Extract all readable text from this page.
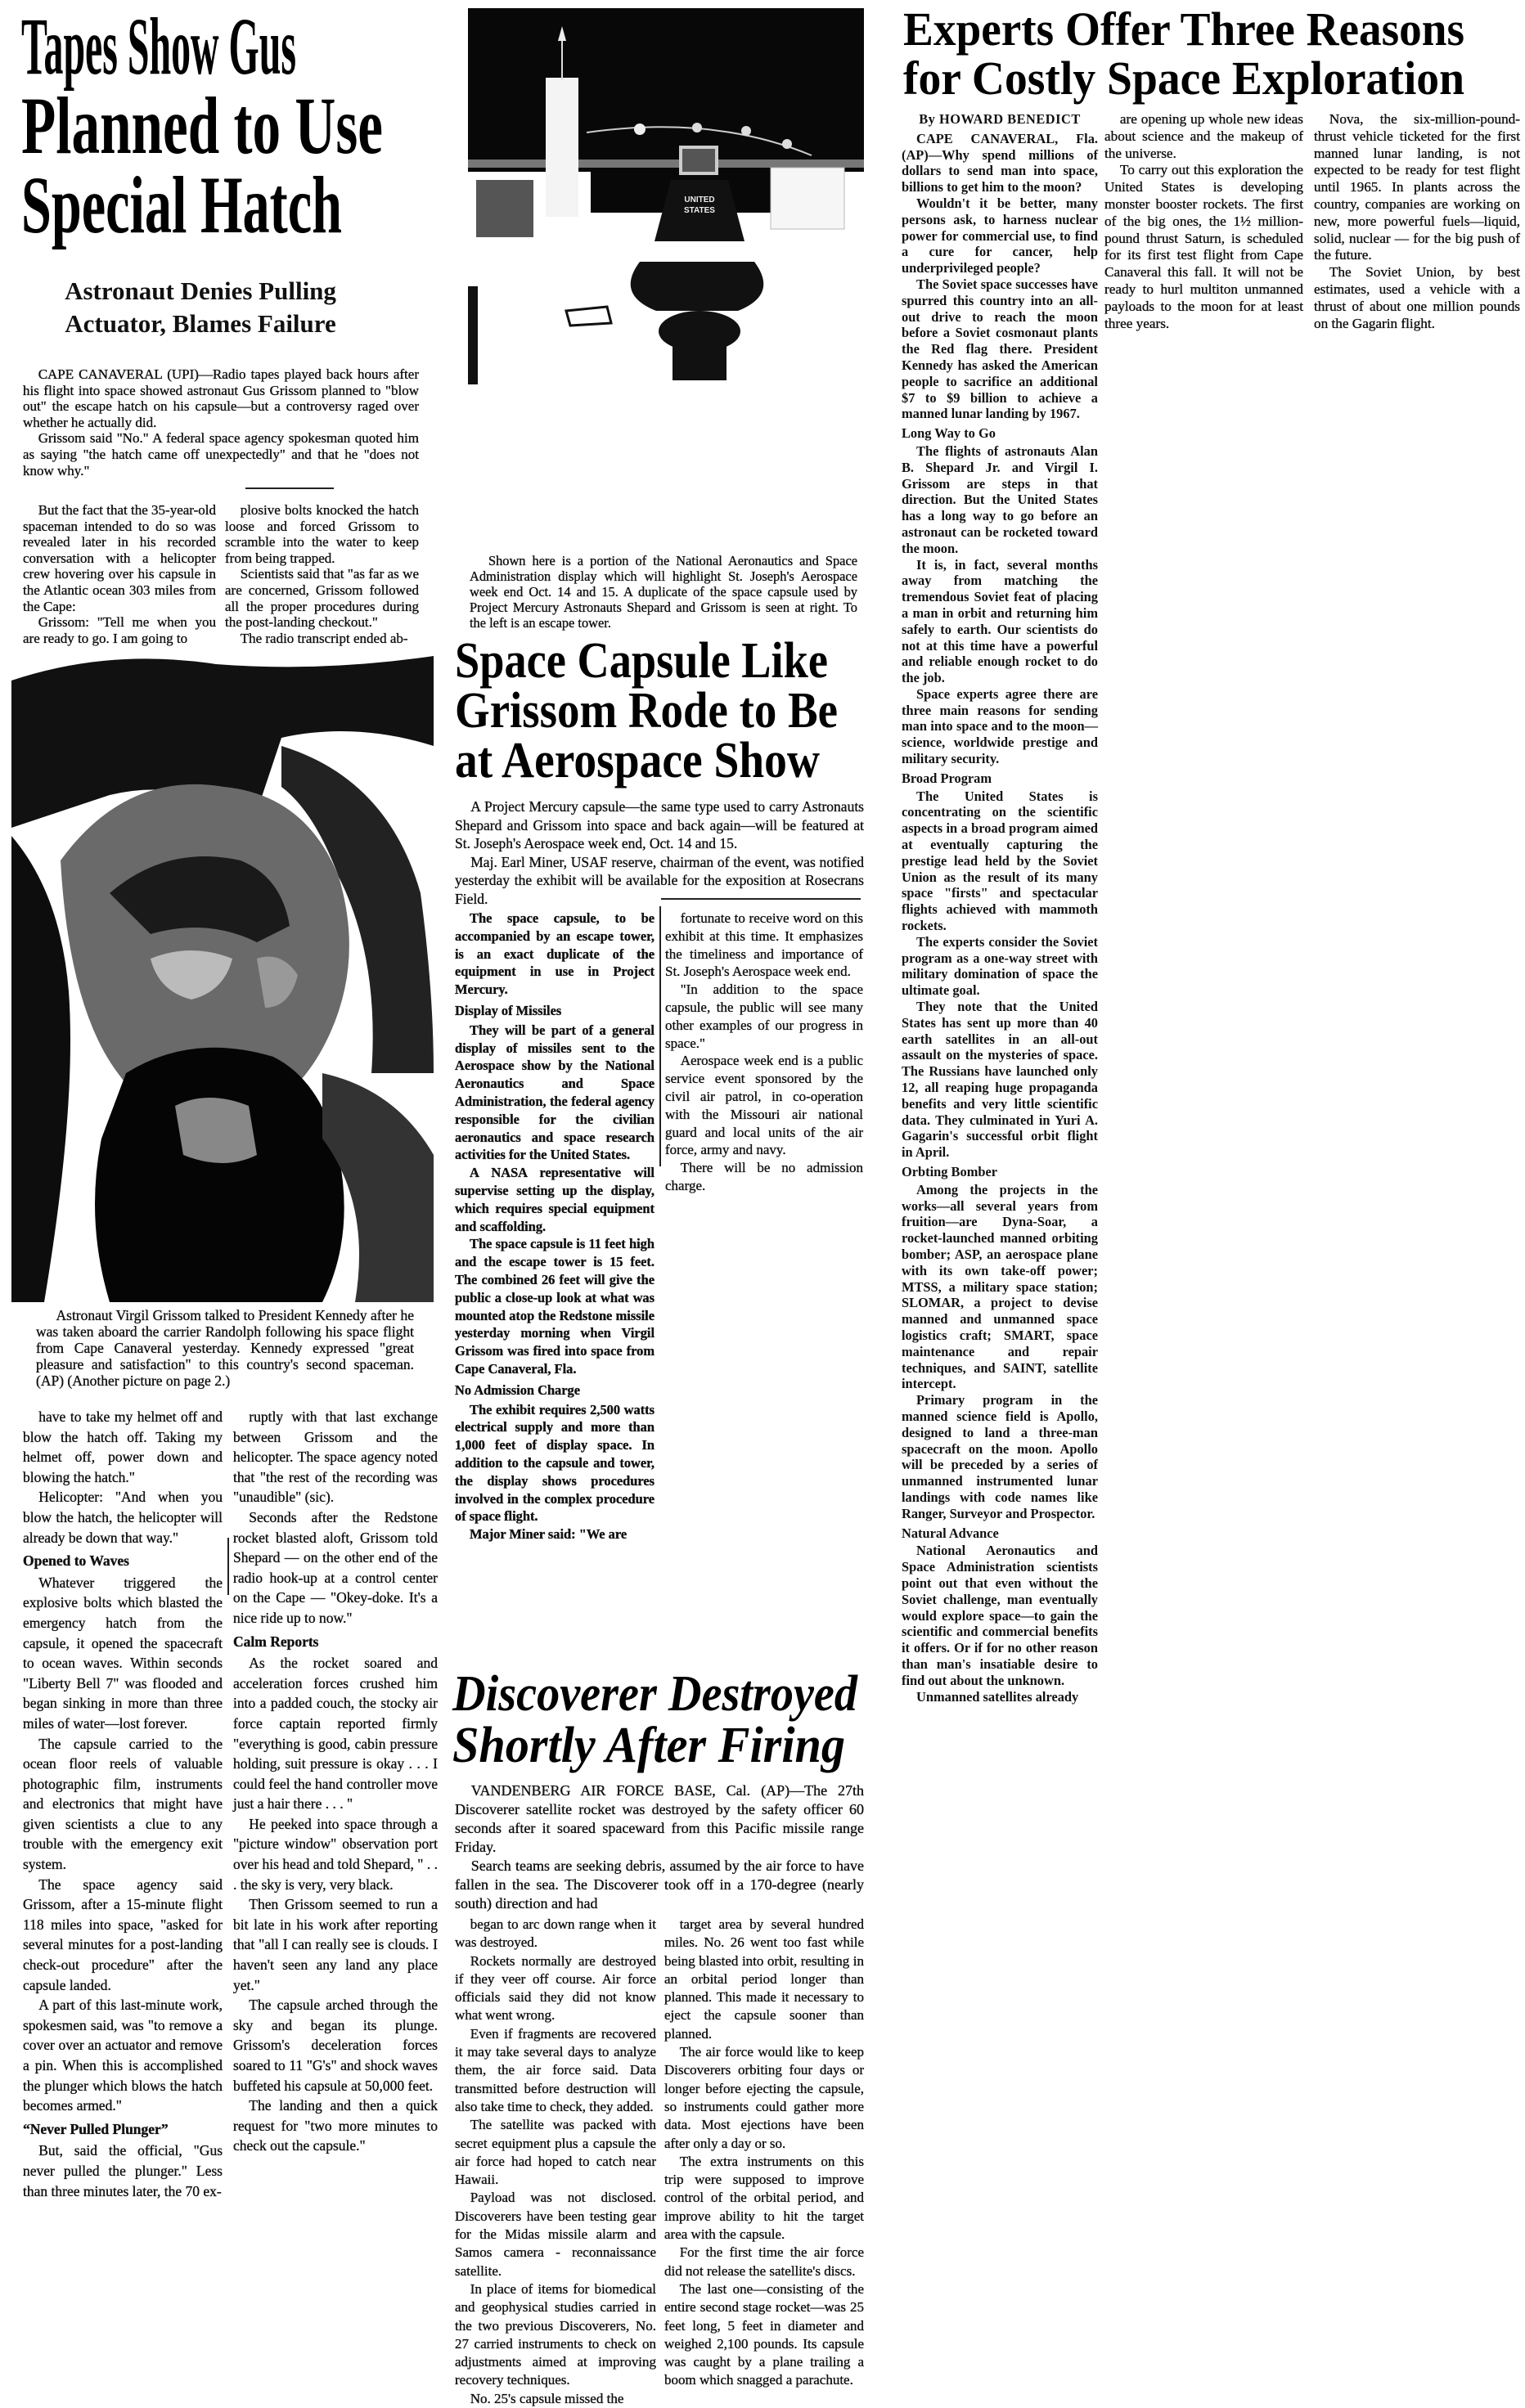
Tapes Show Gus
Planned to Use
Special Hatch
Astronaut Denies Pulling
Actuator, Blames Failure

CAPE CANAVERAL (UPI)—Radio tapes played back hours after his flight into space showed astronaut Gus Grissom planned to "blow out" the escape hatch on his capsule—but a controversy raged over whether he actually did.

Grissom said "No." A federal space agency spokesman quoted him as saying "the hatch came off unexpectedly" and that he "does not know why."

But the fact that the 35-year-old spaceman intended to do so was revealed later in his recorded conversation with a helicopter crew hovering over his capsule in the Atlantic ocean 303 miles from the Cape:

Grissom: "Tell me when you are ready to go. I am going to

plosive bolts knocked the hatch loose and forced Grissom to scramble into the water to keep from being trapped.

Scientists said that "as far as we are concerned, Grissom followed all the proper procedures during the post-landing checkout."

The radio transcript ended ab-

Astronaut Virgil Grissom talked to President Kennedy after he was taken aboard the carrier Randolph following his space flight from Cape Canaveral yesterday. Kennedy expressed "great pleasure and satisfaction" to this country's second spaceman. (AP) (Another picture on page 2.)

have to take my helmet off and blow the hatch off. Taking my helmet off, power down and blowing the hatch."

Helicopter: "And when you blow the hatch, the helicopter will already be down that way."

Opened to Waves

Whatever triggered the explosive bolts which blasted the emergency hatch from the capsule, it opened the spacecraft to ocean waves. Within seconds "Liberty Bell 7" was flooded and began sinking in more than three miles of water—lost forever.

The capsule carried to the ocean floor reels of valuable photographic film, instruments and electronics that might have given scientists a clue to any trouble with the emergency exit system.

The space agency said Grissom, after a 15-minute flight 118 miles into space, "asked for several minutes for a post-landing check-out procedure" after the capsule landed.

A part of this last-minute work, spokesmen said, was "to remove a cover over an actuator and remove a pin. When this is accomplished the plunger which blows the hatch becomes armed."

“Never Pulled Plunger”

But, said the official, "Gus never pulled the plunger." Less than three minutes later, the 70 ex-

ruptly with that last exchange between Grissom and the helicopter. The space agency noted that "the rest of the recording was "unaudible" (sic).

Seconds after the Redstone rocket blasted aloft, Grissom told Shepard — on the other end of the radio hook-up at a control center on the Cape — "Okey-doke. It's a nice ride up to now."

Calm Reports

As the rocket soared and acceleration forces crushed him into a padded couch, the stocky air force captain reported firmly "everything is good, cabin pressure holding, suit pressure is okay . . . I could feel the hand controller move just a hair there . . . "

He peeked into space through a "picture window" observation port over his head and told Shepard, " . . . the sky is very, very black.

Then Grissom seemed to run a bit late in his work after reporting that "all I can really see is clouds. I haven't seen any land any place yet."

The capsule arched through the sky and began its plunge. Grissom's deceleration forces soared to 11 "G's" and shock waves buffeted his capsule at 50,000 feet.

The landing and then a quick request for "two more minutes to check out the capsule."

UNITED
STATES

Shown here is a portion of the National Aeronautics and Space Administration display which will highlight St. Joseph's Aerospace week end Oct. 14 and 15. A duplicate of the space capsule used by Project Mercury Astronauts Shepard and Grissom is seen at right. To the left is an escape tower.

Space Capsule Like
Grissom Rode to Be
at Aerospace Show

A Project Mercury capsule—the same type used to carry Astronauts Shepard and Grissom into space and back again—will be featured at St. Joseph's Aerospace week end, Oct. 14 and 15.

Maj. Earl Miner, USAF reserve, chairman of the event, was notified yesterday the exhibit will be available for the exposition at Rosecrans Field.

The space capsule, to be accompanied by an escape tower, is an exact duplicate of the equipment in use in Project Mercury.

Display of Missiles

They will be part of a general display of missiles sent to the Aerospace show by the National Aeronautics and Space Administration, the federal agency responsible for the civilian aeronautics and space research activities for the United States.

A NASA representative will supervise setting up the display, which requires special equipment and scaffolding.

The space capsule is 11 feet high and the escape tower is 15 feet. The combined 26 feet will give the public a close-up look at what was mounted atop the Redstone missile yesterday morning when Virgil Grissom was fired into space from Cape Canaveral, Fla.

No Admission Charge

The exhibit requires 2,500 watts electrical supply and more than 1,000 feet of display space. In addition to the capsule and tower, the display shows procedures involved in the complex procedure of space flight.

Major Miner said: "We are

fortunate to receive word on this exhibit at this time. It emphasizes the timeliness and importance of St. Joseph's Aerospace week end.

"In addition to the space capsule, the public will see many other examples of our progress in space."

Aerospace week end is a public service event sponsored by the civil air patrol, in co-operation with the Missouri air national guard and local units of the air force, army and navy.

There will be no admission charge.

Experts Offer Three Reasons
for Costly Space Exploration

By HOWARD BENEDICT

CAPE CANAVERAL, Fla. (AP)—Why spend millions of dollars to send man into space, billions to get him to the moon?

Wouldn't it be better, many persons ask, to harness nuclear power for commercial use, to find a cure for cancer, help underprivileged people?

The Soviet space successes have spurred this country into an all-out drive to reach the moon before a Soviet cosmonaut plants the Red flag there. President Kennedy has asked the American people to sacrifice an additional $7 to $9 billion to achieve a manned lunar landing by 1967.

Long Way to Go

The flights of astronauts Alan B. Shepard Jr. and Virgil I. Grissom are steps in that direction. But the United States has a long way to go before an astronaut can be rocketed toward the moon.

It is, in fact, several months away from matching the tremendous Soviet feat of placing a man in orbit and returning him safely to earth. Our scientists do not at this time have a powerful and reliable enough rocket to do the job.

Space experts agree there are three main reasons for sending man into space and to the moon—science, worldwide prestige and military security.

Broad Program

The United States is concentrating on the scientific aspects in a broad program aimed at eventually capturing the prestige lead held by the Soviet Union as the result of its many space "firsts" and spectacular flights achieved with mammoth rockets.

The experts consider the Soviet program as a one-way street with military domination of space the ultimate goal.

They note that the United States has sent up more than 40 earth satellites in an all-out assault on the mysteries of space. The Russians have launched only 12, all reaping huge propaganda benefits and very little scientific data. They culminated in Yuri A. Gagarin's successful orbit flight in April.

Orbting Bomber

Among the projects in the works—all several years from fruition—are Dyna-Soar, a rocket-launched manned orbiting bomber; ASP, an aerospace plane with its own take-off power; MTSS, a military space station; SLOMAR, a project to devise manned and unmanned space logistics craft; SMART, space maintenance and repair techniques, and SAINT, satellite intercept.

Primary program in the manned science field is Apollo, designed to land a three-man spacecraft on the moon. Apollo will be preceded by a series of unmanned instrumented lunar landings with code names like Ranger, Surveyor and Prospector.

Natural Advance

National Aeronautics and Space Administration scientists point out that even without the Soviet challenge, man eventually would explore space—to gain the scientific and commercial benefits it offers. Or if for no other reason than man's insatiable desire to find out about the unknown.

Unmanned satellites already

are opening up whole new ideas about science and the makeup of the universe.

To carry out this exploration the United States is developing monster booster rockets. The first of the big ones, the 1½ million-pound thrust Saturn, is scheduled for its first test flight from Cape Canaveral this fall. It will not be ready to hurl multiton unmanned payloads to the moon for at least three years.

Nova, the six-million-pound-thrust vehicle ticketed for the first manned lunar landing, is not expected to be ready for test flight until 1965. In plants across the country, companies are working on new, more powerful fuels—liquid, solid, nuclear — for the big push of the future.

The Soviet Union, by best estimates, used a vehicle with a thrust of about one million pounds on the Gagarin flight.

Discoverer Destroyed
Shortly After Firing

VANDENBERG AIR FORCE BASE, Cal. (AP)—The 27th Discoverer satellite rocket was destroyed by the safety officer 60 seconds after it soared spaceward from this Pacific missile range Friday.

Search teams are seeking debris, assumed by the air force to have fallen in the sea. The Discoverer took off in a 170-degree (nearly south) direction and had

began to arc down range when it was destroyed.

Rockets normally are destroyed if they veer off course. Air force officials said they did not know what went wrong.

Even if fragments are recovered it may take several days to analyze them, the air force said. Data transmitted before destruction will also take time to check, they added.

The satellite was packed with secret equipment plus a capsule the air force had hoped to catch near Hawaii.

Payload was not disclosed. Discoverers have been testing gear for the Midas missile alarm and Samos camera - reconnaissance satellite.

In place of items for biomedical and geophysical studies carried in the two previous Discoverers, No. 27 carried instruments to check on adjustments aimed at improving recovery techniques.

No. 25's capsule missed the

target area by several hundred miles. No. 26 went too fast while being blasted into orbit, resulting in an orbital period longer than planned. This made it necessary to eject the capsule sooner than planned.

The air force would like to keep Discoverers orbiting four days or longer before ejecting the capsule, so instruments could gather more data. Most ejections have been after only a day or so.

The extra instruments on this trip were supposed to improve control of the orbital period, and improve ability to hit the target area with the capsule.

For the first time the air force did not release the satellite's discs.

The last one—consisting of the entire second stage rocket—was 25 feet long, 5 feet in diameter and weighed 2,100 pounds. Its capsule was caught by a plane trailing a boom which snagged a parachute.
